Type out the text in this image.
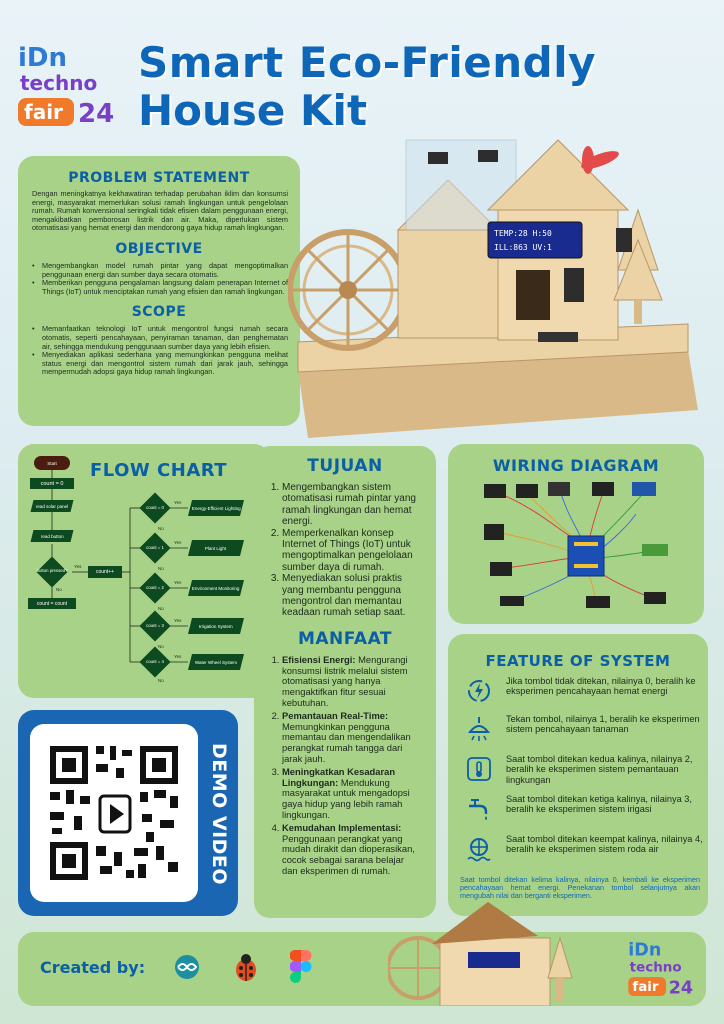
iDn
techno
fair 24
Smart Eco-Friendly
House Kit
PROBLEM STATEMENT

Dengan meningkatnya kekhawatiran terhadap perubahan iklim dan konsumsi energi, masyarakat memerlukan solusi ramah lingkungan untuk pengelolaan rumah. Rumah konvensional seringkali tidak efisien dalam penggunaan energi, mengakibatkan pemborosan listrik dan air. Maka, diperlukan sistem otomatisasi yang hemat energi dan mendorong gaya hidup ramah lingkungan.

OBJECTIVE
• Mengembangkan model rumah pintar yang dapat mengoptimalkan penggunaan energi dan sumber daya secara otomatis.
• Memberikan pengguna pengalaman langsung dalam penerapan Internet of Things (IoT) untuk menciptakan rumah yang efisien dan ramah lingkungan.
SCOPE
• Memanfaatkan teknologi IoT untuk mengontrol fungsi rumah secara otomatis, seperti pencahayaan, penyiraman tanaman, dan penghematan air, sehingga mendukung penggunaan sumber daya yang lebih efisien.
• Menyediakan aplikasi sederhana yang memungkinkan pengguna melihat status energi dan mengontrol sistem rumah dari jarak jauh, sehingga mempermudah adopsi gaya hidup ramah lingkungan.
TEMP:28 H:50
ILL:863 UV:1
FLOW CHART
Start
count = 0
read solar panel
read button
button pressed?
Yes
No
count++
count = count
count = 0
count = 1
count = 2
count = 3
count = 4
Yes
Yes
Yes
Yes
Yes
No
No
No
No
No
Energy-Efficient Lighting
Plant Light
Environment Monitoring
Irrigation System
Water Wheel System
TUJUAN
1. Mengembangkan sistem otomatisasi rumah pintar yang ramah lingkungan dan hemat energi.
2. Memperkenalkan konsep Internet of Things (IoT) untuk mengoptimalkan pengelolaan sumber daya di rumah.
3. Menyediakan solusi praktis yang membantu pengguna mengontrol dan memantau keadaan rumah setiap saat.
MANFAAT
1. Efisiensi Energi: Mengurangi konsumsi listrik melalui sistem otomatisasi yang hanya mengaktifkan fitur sesuai kebutuhan.
2. Pemantauan Real-Time: Memungkinkan pengguna memantau dan mengendalikan perangkat rumah tangga dari jarak jauh.
3. Meningkatkan Kesadaran Lingkungan: Mendukung masyarakat untuk mengadopsi gaya hidup yang lebih ramah lingkungan.
4. Kemudahan Implementasi: Penggunaan perangkat yang mudah dirakit dan dioperasikan, cocok sebagai sarana belajar dan eksperimen di rumah.
WIRING DIAGRAM
FEATURE OF SYSTEM
Jika tombol tidak ditekan, nilainya 0, beralih ke eksperimen pencahayaan hemat energi
Tekan tombol, nilainya 1, beralih ke eksperimen sistem pencahayaan tanaman
Saat tombol ditekan kedua kalinya, nilainya 2, beralih ke eksperimen sistem pemantauan lingkungan
Saat tombol ditekan ketiga kalinya, nilainya 3, beralih ke eksperimen sistem irigasi
Saat tombol ditekan keempat kalinya, nilainya 4, beralih ke eksperimen sistem roda air
Saat tombol ditekan kelima kalinya, nilainya 0, kembali ke eksperimen pencahayaan hemat energi. Penekanan tombol selanjutnya akan mengubah nilai dan berganti eksperimen.
DEMO VIDEO
Created by:
iDn
techno
fair 24
